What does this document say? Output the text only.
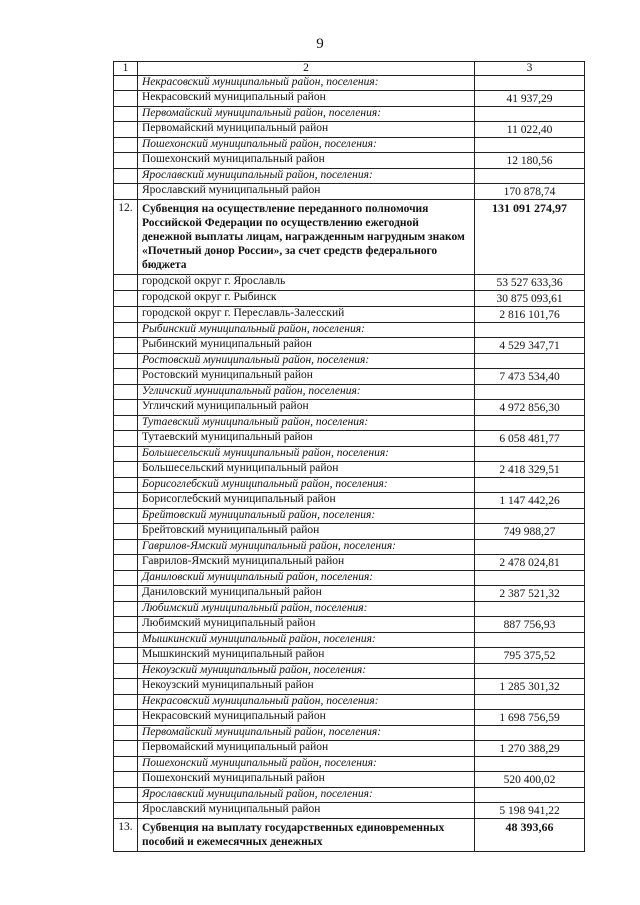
9
1	2	3
	Некрасовский муниципальный район, поселения:	
	Некрасовский муниципальный район	41 937,29
	Первомайский муниципальный район, поселения:	
	Первомайский муниципальный район	11 022,40
	Пошехонский муниципальный район, поселения:	
	Пошехонский муниципальный район	12 180,56
	Ярославский муниципальный район, поселения:	
	Ярославский муниципальный район	170 878,74
12.	Субвенция на осуществление переданного полномочия Российской Федерации по осуществлению ежегодной денежной выплаты лицам, награжденным нагрудным знаком «Почетный донор России», за счет средств федерального бюджета	131 091 274,97
	городской округ г. Ярославль	53 527 633,36
	городской округ г. Рыбинск	30 875 093,61
	городской округ г. Переславль-Залесский	2 816 101,76
	Рыбинский муниципальный район, поселения:	
	Рыбинский муниципальный район	4 529 347,71
	Ростовский муниципальный район, поселения:	
	Ростовский муниципальный район	7 473 534,40
	Угличский муниципальный район, поселения:	
	Угличский муниципальный район	4 972 856,30
	Тутаевский муниципальный район, поселения:	
	Тутаевский муниципальный район	6 058 481,77
	Большесельский муниципальный район, поселения:	
	Большесельский муниципальный район	2 418 329,51
	Борисоглебский муниципальный район, поселения:	
	Борисоглебский муниципальный район	1 147 442,26
	Брейтовский муниципальный район, поселения:	
	Брейтовский муниципальный район	749 988,27
	Гаврилов-Ямский муниципальный район, поселения:	
	Гаврилов-Ямский муниципальный район	2 478 024,81
	Даниловский муниципальный район, поселения:	
	Даниловский муниципальный район	2 387 521,32
	Любимский муниципальный район, поселения:	
	Любимский муниципальный район	887 756,93
	Мышкинский муниципальный район, поселения:	
	Мышкинский муниципальный район	795 375,52
	Некоузский муниципальный район, поселения:	
	Некоузский муниципальный район	1 285 301,32
	Некрасовский муниципальный район, поселения:	
	Некрасовский муниципальный район	1 698 756,59
	Первомайский муниципальный район, поселения:	
	Первомайский муниципальный район	1 270 388,29
	Пошехонский муниципальный район, поселения:	
	Пошехонский муниципальный район	520 400,02
	Ярославский муниципальный район, поселения:	
	Ярославский муниципальный район	5 198 941,22
13.	Субвенция на выплату государственных единовременных пособий и ежемесячных денежных	48 393,66
